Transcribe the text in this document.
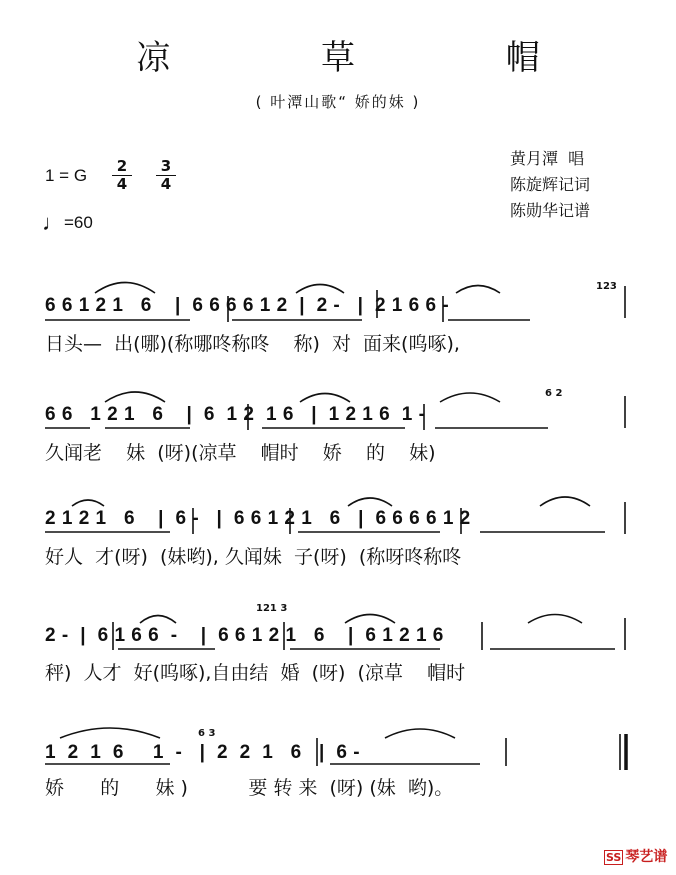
凉 草 帽
( 叶潭山歌“ 娇的妹 )
1 = G $\frac{2}{4} \frac{3}{4}$
♩=60
黄月潭  唱
陈旋辉记词
陈勋华记谱
6 6 1 2 1   6    |  6 6 6 6 1 2  |  2 -   |  2 1 6 6 -
日头—  出(哪)(称哪咚称咚    称)  对  面来(呜啄),
123
6 6   1 2 1   6    |  6  1 2  1 6   |  1 2 1 6  1 -
久闻老    妹  (呀)(凉草    帽时    娇    的    妹)
6 2
2 1 2 1   6    |  6 -   |  6 6 1 2 1   6   |  6 6 6 6 1 2
好人  才(呀)  (妹哟), 久闻妹  子(呀)  (称呀咚称咚
2 -  |  6 1 6 6  -    |  6 6 1 2 1   6    |  6 1 2 1 6
秤)  人才  好(呜啄),自由结  婚  (呀)  (凉草    帽时
121 3
1  2  1  6     1  -   |  2  2  1   6   |  6 -
娇      的      妹 )          要 转 来  (呀) (妹  哟)。
6 3
SS 琴艺谱
